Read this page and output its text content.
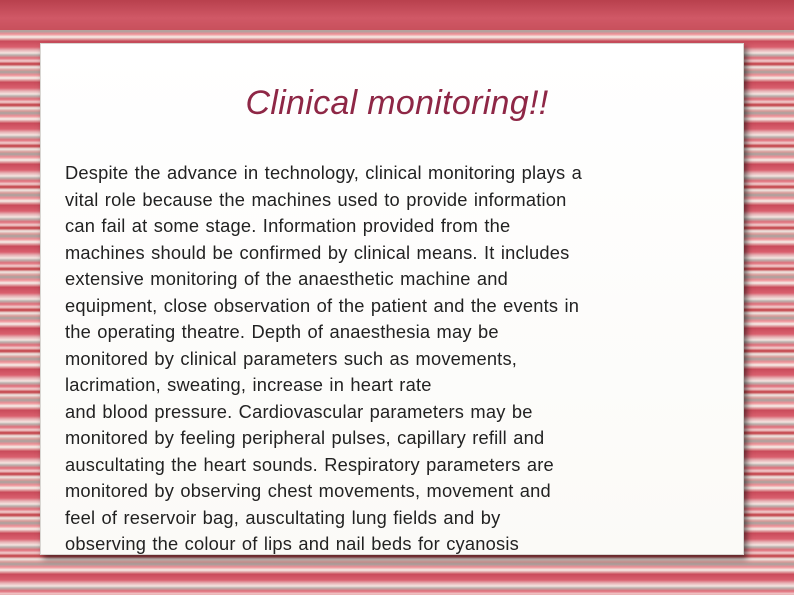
Clinical monitoring!!
Despite the advance in technology, clinical monitoring plays a
vital role because the machines used to provide information
can fail at some stage. Information provided from the
machines should be confirmed by clinical means. It includes
extensive monitoring of the anaesthetic machine and
equipment, close observation of the patient and the events in
the operating theatre. Depth of anaesthesia may be
monitored by clinical parameters such as movements,
lacrimation, sweating, increase in heart rate
and blood pressure. Cardiovascular parameters may be
monitored by feeling peripheral pulses, capillary refill and
auscultating the heart sounds. Respiratory parameters are
monitored by observing chest movements, movement and
feel of reservoir bag, auscultating lung fields and by
observing the colour of lips and nail beds for cyanosis
